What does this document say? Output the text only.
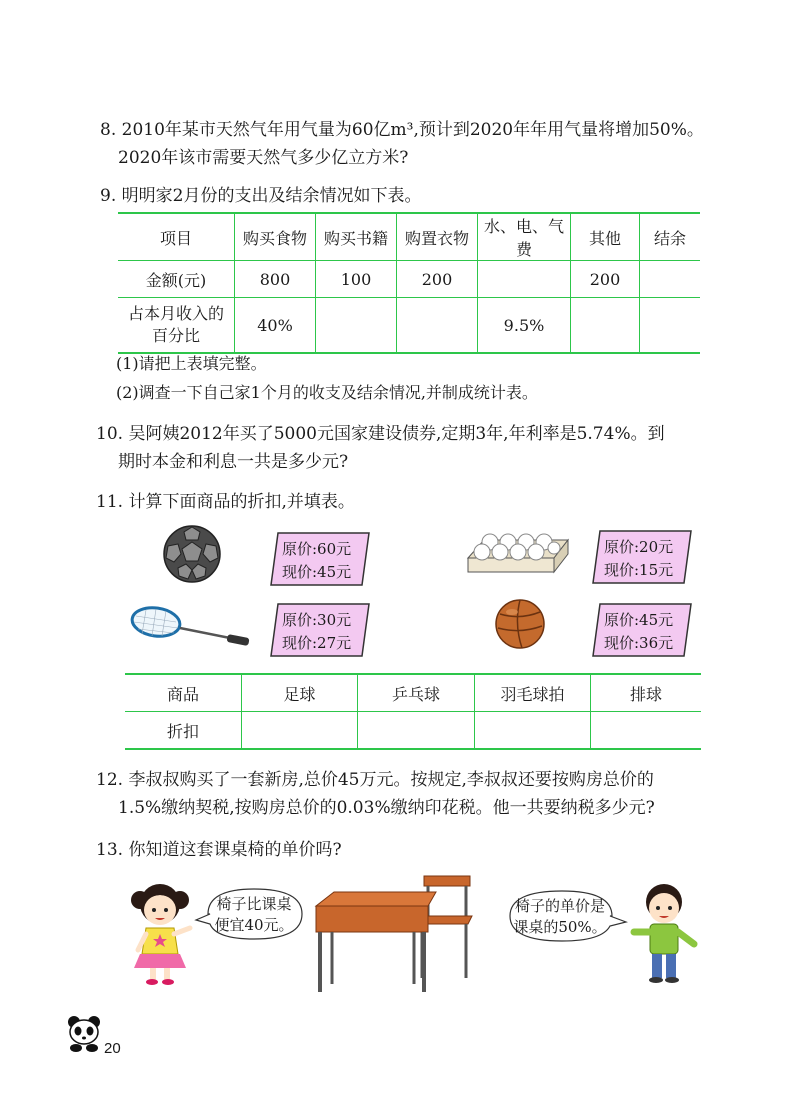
8. 2010年某市天然气年用气量为60亿m³,预计到2020年年用气量将增加50%。
2020年该市需要天然气多少亿立方米?
9. 明明家2月份的支出及结余情况如下表。
项目	购买食物	购买书籍	购置衣物	水、电、气费	其他	结余
金额(元)	800	100	200		200	

占本月收入的
百分比	40%			9.5%		
(1)请把上表填完整。
(2)调查一下自己家1个月的收支及结余情况,并制成统计表。
10. 吴阿姨2012年买了5000元国家建设债券,定期3年,年利率是5.74%。到
期时本金和利息一共是多少元?
11. 计算下面商品的折扣,并填表。
原价:60元
现价:45元
原价:20元
现价:15元
原价:30元
现价:27元
原价:45元
现价:36元
商品	足球	乒乓球	羽毛球拍	排球
折扣				
12. 李叔叔购买了一套新房,总价45万元。按规定,李叔叔还要按购房总价的
1.5%缴纳契税,按购房总价的0.03%缴纳印花税。他一共要纳税多少元?
13. 你知道这套课桌椅的单价吗?
椅子比课桌
便宜40元。
椅子的单价是
课桌的50%。
20
